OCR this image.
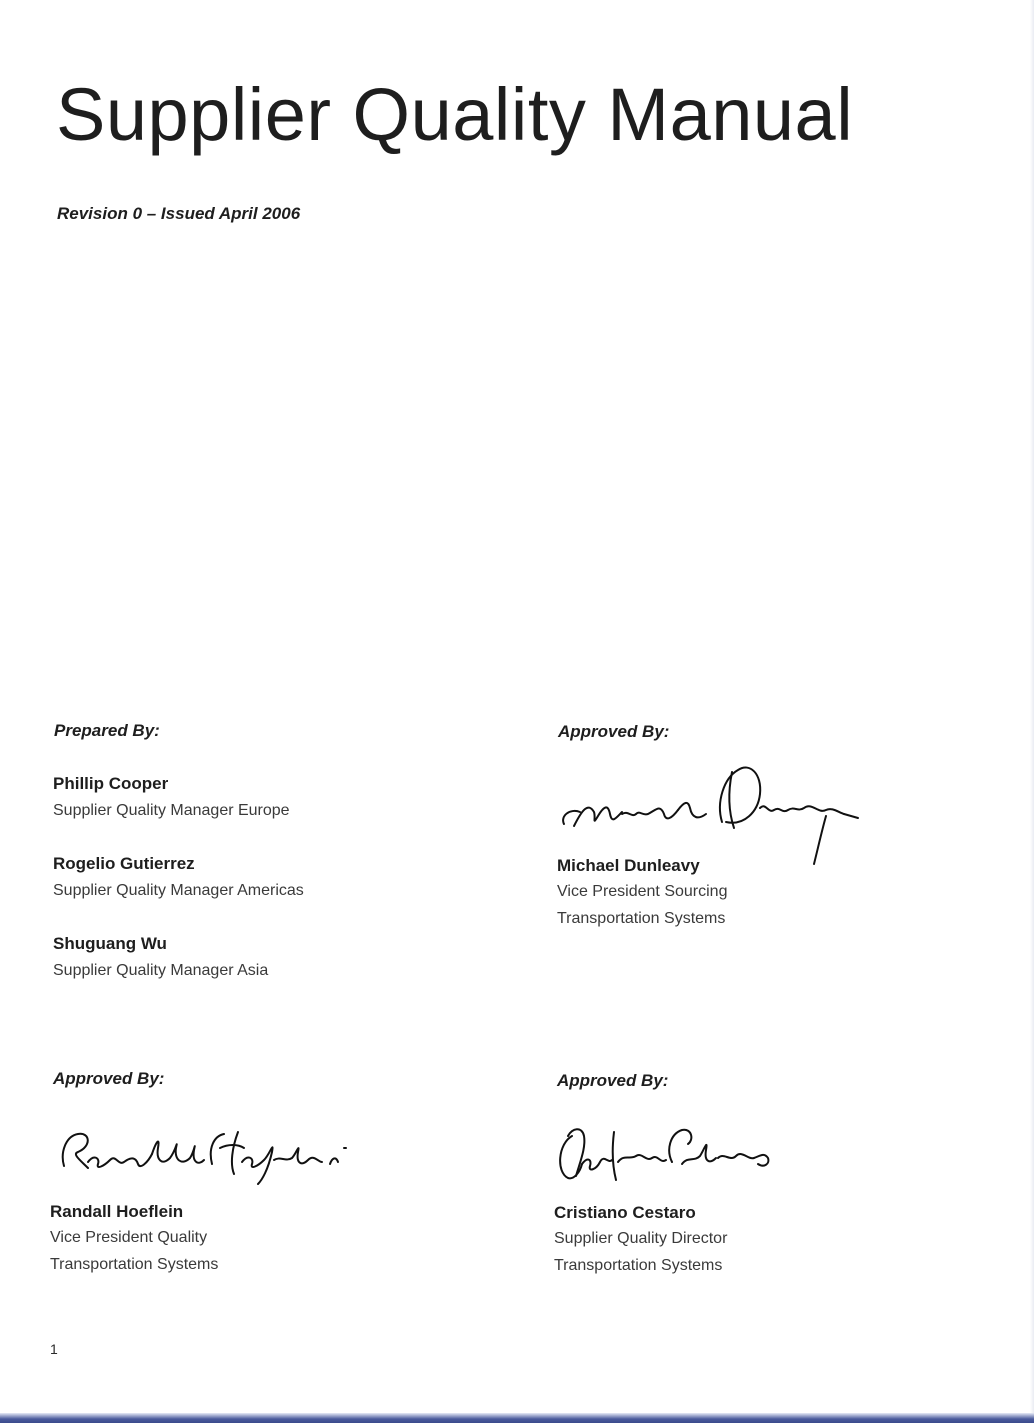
Supplier Quality Manual
Revision 0 – Issued April 2006
Prepared By:
Phillip Cooper
Supplier Quality Manager Europe
Rogelio Gutierrez
Supplier Quality Manager Americas
Shuguang Wu
Supplier Quality Manager Asia
Approved By:
Michael Dunleavy
Vice President Sourcing
Transportation Systems
Approved By:
Randall Hoeflein
Vice President Quality
Transportation Systems
Approved By:
Cristiano Cestaro
Supplier Quality Director
Transportation Systems
1
